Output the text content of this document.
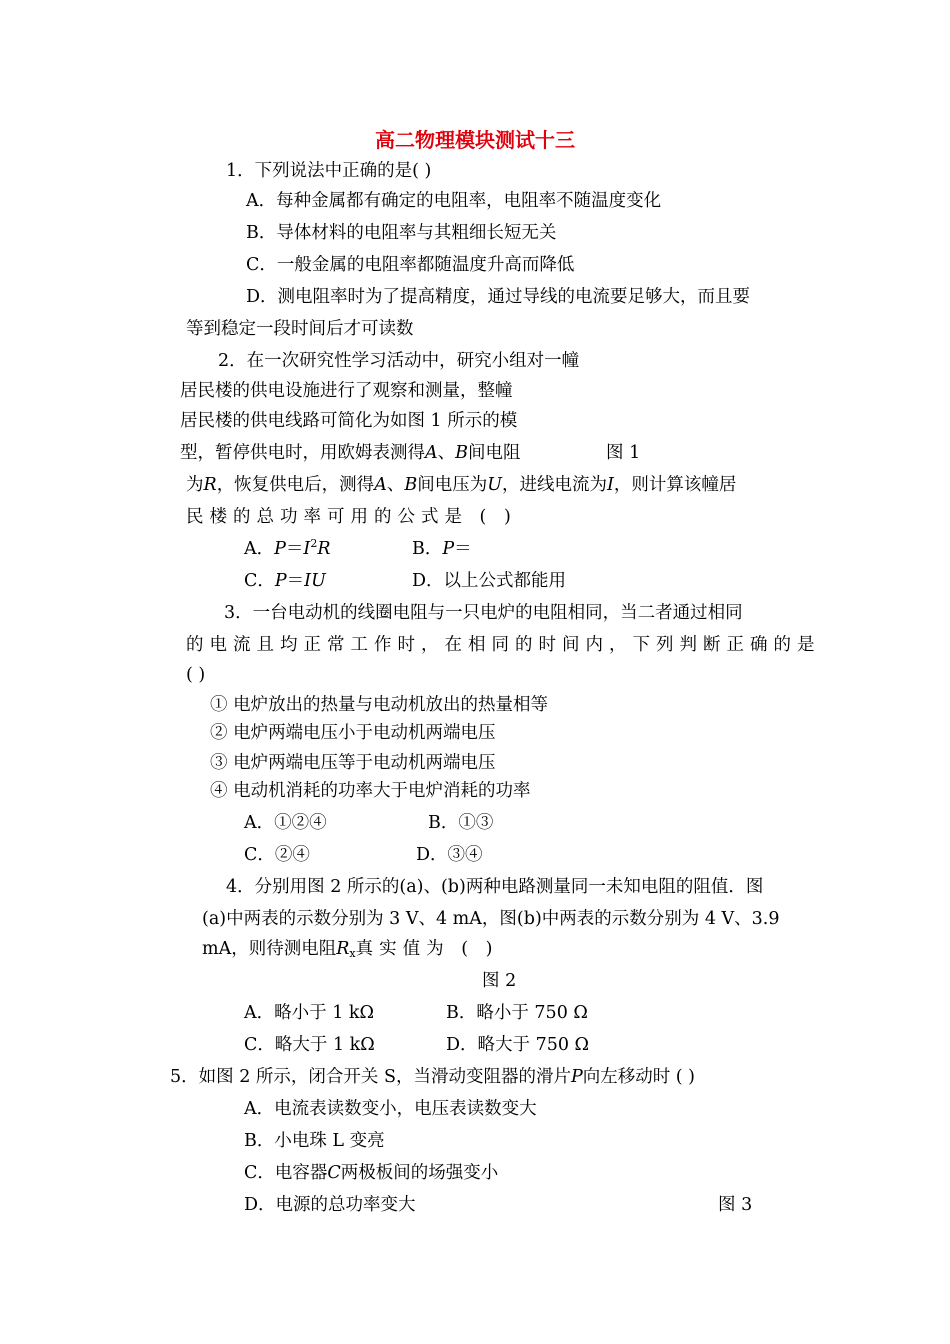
高二物理模块测试十三
1．下列说法中正确的是( )
A．每种金属都有确定的电阻率，电阻率不随温度变化
B．导体材料的电阻率与其粗细长短无关
C．一般金属的电阻率都随温度升高而降低
D．测电阻率时为了提高精度，通过导线的电流要足够大，而且要
等到稳定一段时间后才可读数
2．在一次研究性学习活动中，研究小组对一幢
居民楼的供电设施进行了观察和测量，整幢
居民楼的供电线路可简化为如图 1 所示的模
型，暂停供电时，用欧姆表测得A、B间电阻	图 1
为R，恢复供电后，测得A、B间电压为U，进线电流为I，则计算该幢居
民楼的总功率可用的公式是 ( )
A．$P=I^2R$	B．P＝
C．P＝IU	D．以上公式都能用
3．一台电动机的线圈电阻与一只电炉的电阻相同，当二者通过相同
的电流且均正常工作时，在相同的时间内，下列判断正确的是
( )
① 电炉放出的热量与电动机放出的热量相等
② 电炉两端电压小于电动机两端电压
③ 电炉两端电压等于电动机两端电压
④ 电动机消耗的功率大于电炉消耗的功率
A．①②④	B．①③
C．②④	D．③④
4．分别用图 2 所示的(a)、(b)两种电路测量同一未知电阻的阻值．图
(a)中两表的示数分别为 3 V、4 mA，图(b)中两表的示数分别为 4 V、3.9
mA，则待测电阻$R_x$真实值为 ( )
图 2
A．略小于 1 kΩ	B．略小于 750 Ω
C．略大于 1 kΩ	D．略大于 750 Ω
5．如图 2 所示，闭合开关 S，当滑动变阻器的滑片P向左移动时 ( )
A．电流表读数变小，电压表读数变大
B．小电珠 L 变亮
C．电容器C两极板间的场强变小
D．电源的总功率变大	图 3
